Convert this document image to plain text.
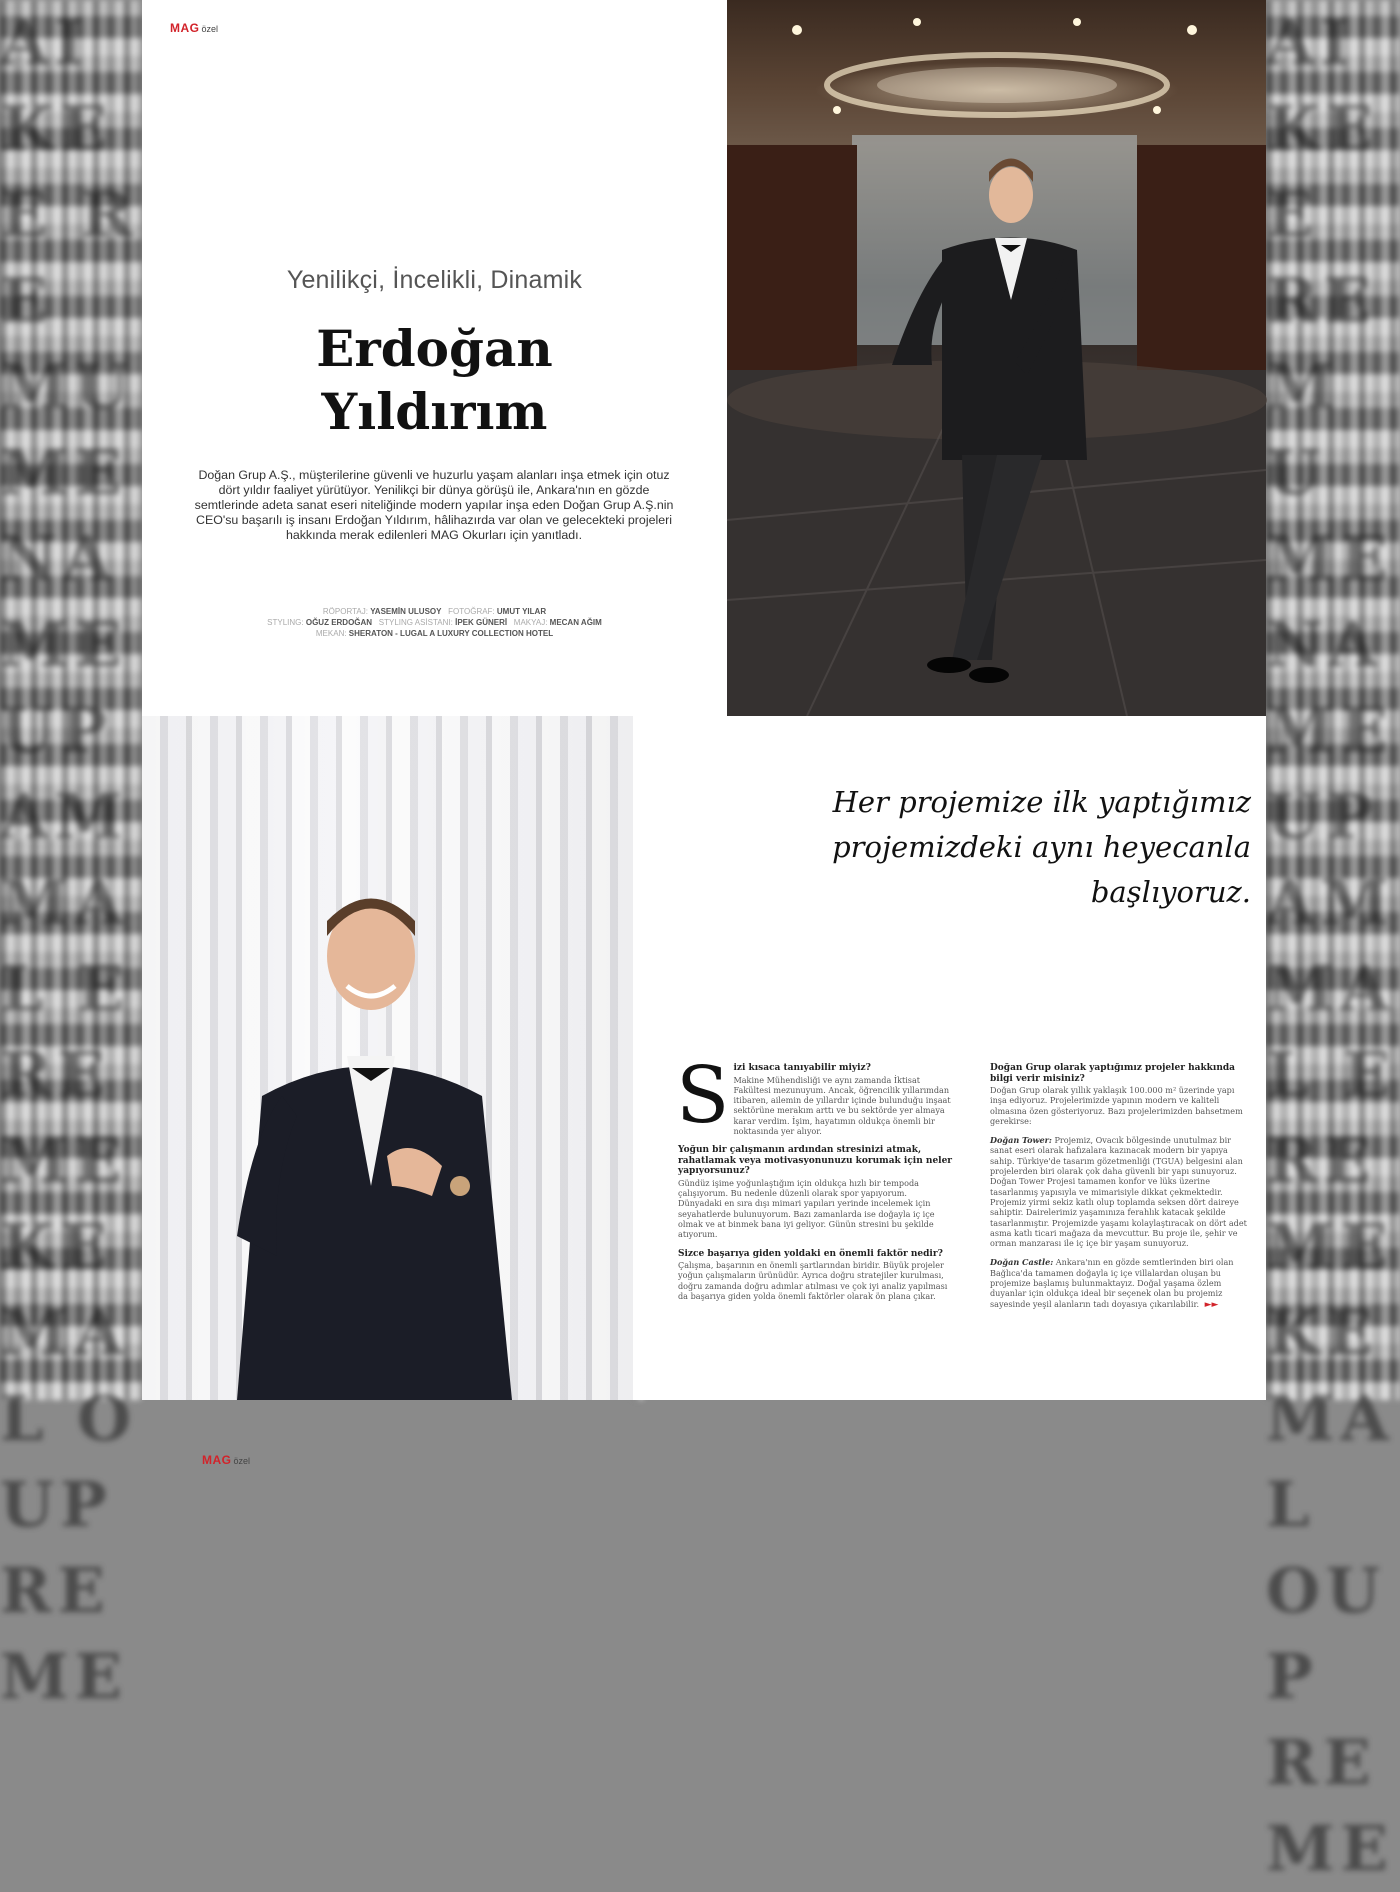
AI KEE RE MU ME NAME UP AM MAL ERE ME KE MAL OUP RE ME
AI KEE RE MU ME NAME UP AM MAL ERE ME KE MAL OUP RE ME
MAG özel
Yenilikçi, İncelikli, Dinamik
Erdoğan
Yıldırım
Doğan Grup A.Ş., müşterilerine güvenli ve huzurlu yaşam alanları inşa etmek için otuz dört yıldır faaliyet yürütüyor. Yenilikçi bir dünya görüşü ile, Ankara'nın en gözde semtlerinde adeta sanat eseri niteliğinde modern yapılar inşa eden Doğan Grup A.Ş.nin CEO'su başarılı iş insanı Erdoğan Yıldırım, hâlihazırda var olan ve gelecekteki projeleri hakkında merak edilenleri MAG Okurları için yanıtladı.
RÖPORTAJ: YASEMİN ULUSOY FOTOĞRAF: UMUT YILAR
STYLING: OĞUZ ERDOĞAN STYLING ASİSTANI: İPEK GÜNERİ MAKYAJ: MECAN AĞIM
MEKAN: SHERATON - LUGAL A LUXURY COLLECTION HOTEL
MAG özel
Her projemize ilk yaptığımız
projemizdeki aynı heyecanla
başlıyoruz.
S izi kısaca tanıyabilir miyiz?
Makine Mühendisliği ve aynı zamanda İktisat Fakültesi mezunuyum. Ancak, öğrencilik yıllarımdan itibaren, ailemin de yıllardır içinde bulunduğu inşaat sektörüne merakım arttı ve bu sektörde yer almaya karar verdim. İşim, hayatımın oldukça önemli bir noktasında yer alıyor.
Yoğun bir çalışmanın ardından stresinizi atmak, rahatlamak veya motivasyonunuzu korumak için neler yapıyorsunuz?
Gündüz işime yoğunlaştığım için oldukça hızlı bir tempoda çalışıyorum. Bu nedenle düzenli olarak spor yapıyorum. Dünyadaki en sıra dışı mimari yapıları yerinde incelemek için seyahatlerde bulunuyorum. Bazı zamanlarda ise doğayla iç içe olmak ve at binmek bana iyi geliyor. Günün stresini bu şekilde atıyorum.
Sizce başarıya giden yoldaki en önemli faktör nedir?
Çalışma, başarının en önemli şartlarından biridir. Büyük projeler yoğun çalışmaların ürünüdür. Ayrıca doğru stratejiler kurulması, doğru zamanda doğru adımlar atılması ve çok iyi analiz yapılması da başarıya giden yolda önemli faktörler olarak ön plana çıkar.
Doğan Grup olarak yaptığımız projeler hakkında bilgi verir misiniz?
Doğan Grup olarak yıllık yaklaşık 100.000 m² üzerinde yapı inşa ediyoruz. Projelerimizde yapının modern ve kaliteli olmasına özen gösteriyoruz. Bazı projelerimizden bahsetmem gerekirse:
Doğan Tower: Projemiz, Ovacık bölgesinde unutulmaz bir sanat eseri olarak hafızalara kazınacak modern bir yapıya sahip. Türkiye'de tasarım gözetmenliği (TGUA) belgesini alan projelerden biri olarak çok daha güvenli bir yapı sunuyoruz. Doğan Tower Projesi tamamen konfor ve lüks üzerine tasarlanmış yapısıyla ve mimarisiyle dikkat çekmektedir. Projemiz yirmi sekiz katlı olup toplamda seksen dört daireye sahiptir. Dairelerimiz yaşamınıza ferahlık katacak şekilde tasarlanmıştır. Projemizde yaşamı kolaylaştıracak on dört adet asma katlı ticari mağaza da mevcuttur. Bu proje ile, şehir ve orman manzarası ile iç içe bir yaşam sunuyoruz.
Doğan Castle: Ankara'nın en gözde semtlerinden biri olan Bağlıca'da tamamen doğayla iç içe villalardan oluşan bu projemize başlamış bulunmaktayız. Doğal yaşama özlem duyanlar için oldukça ideal bir seçenek olan bu projemiz sayesinde yeşil alanların tadı doyasıya çıkarılabilir. ►►
